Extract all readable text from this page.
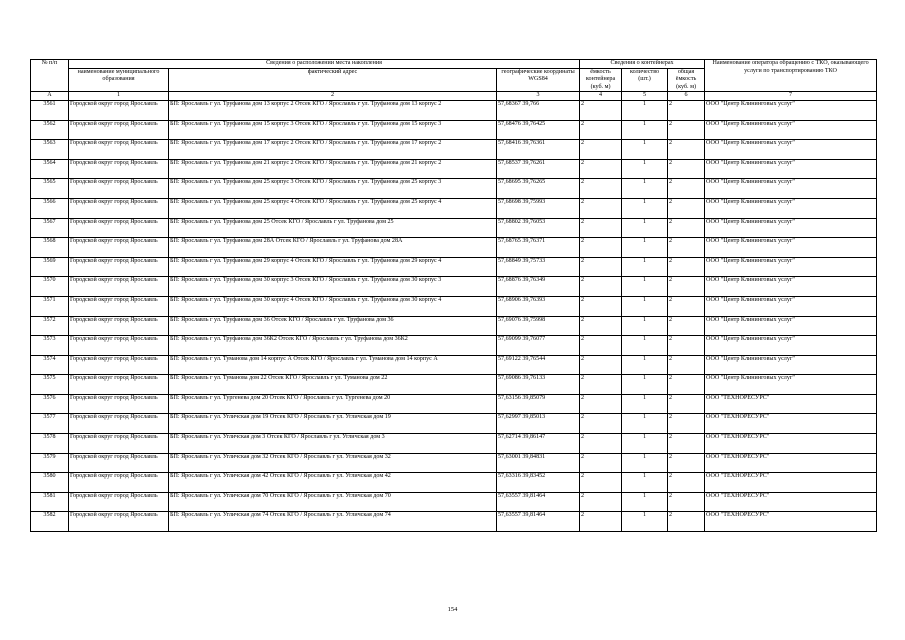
№ п/п	Сведения о расположении места накопления			Сведения о контейнерах			Наименование оператора обращению с ТКО, оказывающего услуги по транспортированию ТКО
	наименование муниципального образования	фактический адрес	географические координаты WGS84	ёмкость контейнера (куб. м)	количество (шт.)	общая ёмкость (куб. м)	
А	1	2	3	4	5	6	7
3561	Городской округ город Ярославль	БП: Ярославль г ул. Труфанова дом 13 корпус 2 Отсек КГО / Ярославль г ул. Труфанова дом 13 корпус 2	57,68367 39,766	2	1	2	ООО "Центр Клининговых услуг"
3562	Городской округ город Ярославль	БП: Ярославль г ул. Труфанова дом 15 корпус 3 Отсек КГО / Ярославль г ул. Труфанова дом 15 корпус 3	57,68476 39,76425	2	1	2	ООО "Центр Клининговых услуг"
3563	Городской округ город Ярославль	БП: Ярославль г ул. Труфанова дом 17 корпус 2 Отсек КГО / Ярославль г ул. Труфанова дом 17 корпус 2	57,68416 39,76361	2	1	2	ООО "Центр Клининговых услуг"
3564	Городской округ город Ярославль	БП: Ярославль г ул. Труфанова дом 21 корпус 2 Отсек КГО / Ярославль г ул. Труфанова дом 21 корпус 2	57,68537 39,76261	2	1	2	ООО "Центр Клининговых услуг"
3565	Городской округ город Ярославль	БП: Ярославль г ул. Труфанова дом 25 корпус 3 Отсек КГО / Ярославль г ул. Труфанова дом 25 корпус 3	57,68695 39,76265	2	1	2	ООО "Центр Клининговых услуг"
3566	Городской округ город Ярославль	БП: Ярославль г ул. Труфанова дом 25 корпус 4 Отсек КГО / Ярославль г ул. Труфанова дом 25 корпус 4	57,68698 39,75993	2	1	2	ООО "Центр Клининговых услуг"
3567	Городской округ город Ярославль	БП: Ярославль г ул. Труфанова дом 25 Отсек КГО / Ярославль г ул. Труфанова дом 25	57,68802 39,76053	2	1	2	ООО "Центр Клининговых услуг"
3568	Городской округ город Ярославль	БП: Ярославль г ул. Труфанова дом 28А Отсек КГО / Ярославль г ул. Труфанова дом 28А	57,68765 39,76371	2	1	2	ООО "Центр Клининговых услуг"
3569	Городской округ город Ярославль	БП: Ярославль г ул. Труфанова дом 29 корпус 4 Отсек КГО / Ярославль г ул. Труфанова дом 29 корпус 4	57,68849 39,75733	2	1	2	ООО "Центр Клининговых услуг"
3570	Городской округ город Ярославль	БП: Ярославль г ул. Труфанова дом 30 корпус 3 Отсек КГО / Ярославль г ул. Труфанова дом 30 корпус 3	57,68876 39,76349	2	1	2	ООО "Центр Клининговых услуг"
3571	Городской округ город Ярославль	БП: Ярославль г ул. Труфанова дом 30 корпус 4 Отсек КГО / Ярославль г ул. Труфанова дом 30 корпус 4	57,68906 39,76393	2	1	2	ООО "Центр Клининговых услуг"
3572	Городской округ город Ярославль	БП: Ярославль г ул. Труфанова дом 36 Отсек КГО / Ярославль г ул. Труфанова дом 36	57,69076 39,75998	2	1	2	ООО "Центр Клининговых услуг"
3573	Городской округ город Ярославль	БП: Ярославль г ул. Труфанова дом 36К2 Отсек КГО / Ярославль г ул. Труфанова дом 36К2	57,69099 39,76077	2	1	2	ООО "Центр Клининговых услуг"
3574	Городской округ город Ярославль	БП: Ярославль г ул. Туманова дом 14 корпус А Отсек КГО / Ярославль г ул. Туманова дом 14 корпус А	57,69122 39,76544	2	1	2	ООО "Центр Клининговых услуг"
3575	Городской округ город Ярославль	БП: Ярославль г ул. Туманова дом 22 Отсек КГО / Ярославль г ул. Туманова дом 22	57,69086 39,76133	2	1	2	ООО "Центр Клининговых услуг"
3576	Городской округ город Ярославль	БП: Ярославль г ул. Тургенева дом 20 Отсек КГО / Ярославль г ул. Тургенева дом 20	57,63156 39,85079	2	1	2	ООО "ТЕХНОРЕСУРС"
3577	Городской округ город Ярославль	БП: Ярославль г ул. Угличская дом 19 Отсек КГО / Ярославль г ул. Угличская дом 19	57,62997 39,85013	2	1	2	ООО "ТЕХНОРЕСУРС"
3578	Городской округ город Ярославль	БП: Ярославль г ул. Угличская дом 3 Отсек КГО / Ярославль г ул. Угличская дом 3	57,62714 39,86147	2	1	2	ООО "ТЕХНОРЕСУРС"
3579	Городской округ город Ярославль	БП: Ярославль г ул. Угличская дом 32 Отсек КГО / Ярославль г ул. Угличская дом 32	57,63001 39,84831	2	1	2	ООО "ТЕХНОРЕСУРС"
3580	Городской округ город Ярославль	БП: Ярославль г ул. Угличская дом 42 Отсек КГО / Ярославль г ул. Угличская дом 42	57,63316 39,83452	2	1	2	ООО "ТЕХНОРЕСУРС"
3581	Городской округ город Ярославль	БП: Ярославль г ул. Угличская дом 70 Отсек КГО / Ярославль г ул. Угличская дом 70	57,63557 39,81464	2	1	2	ООО "ТЕХНОРЕСУРС"
3582	Городской округ город Ярославль	БП: Ярославль г ул. Угличская дом 74 Отсек КГО / Ярославль г ул. Угличская дом 74	57,63557 39,81464	2	1	2	ООО "ТЕХНОРЕСУРС"
154
